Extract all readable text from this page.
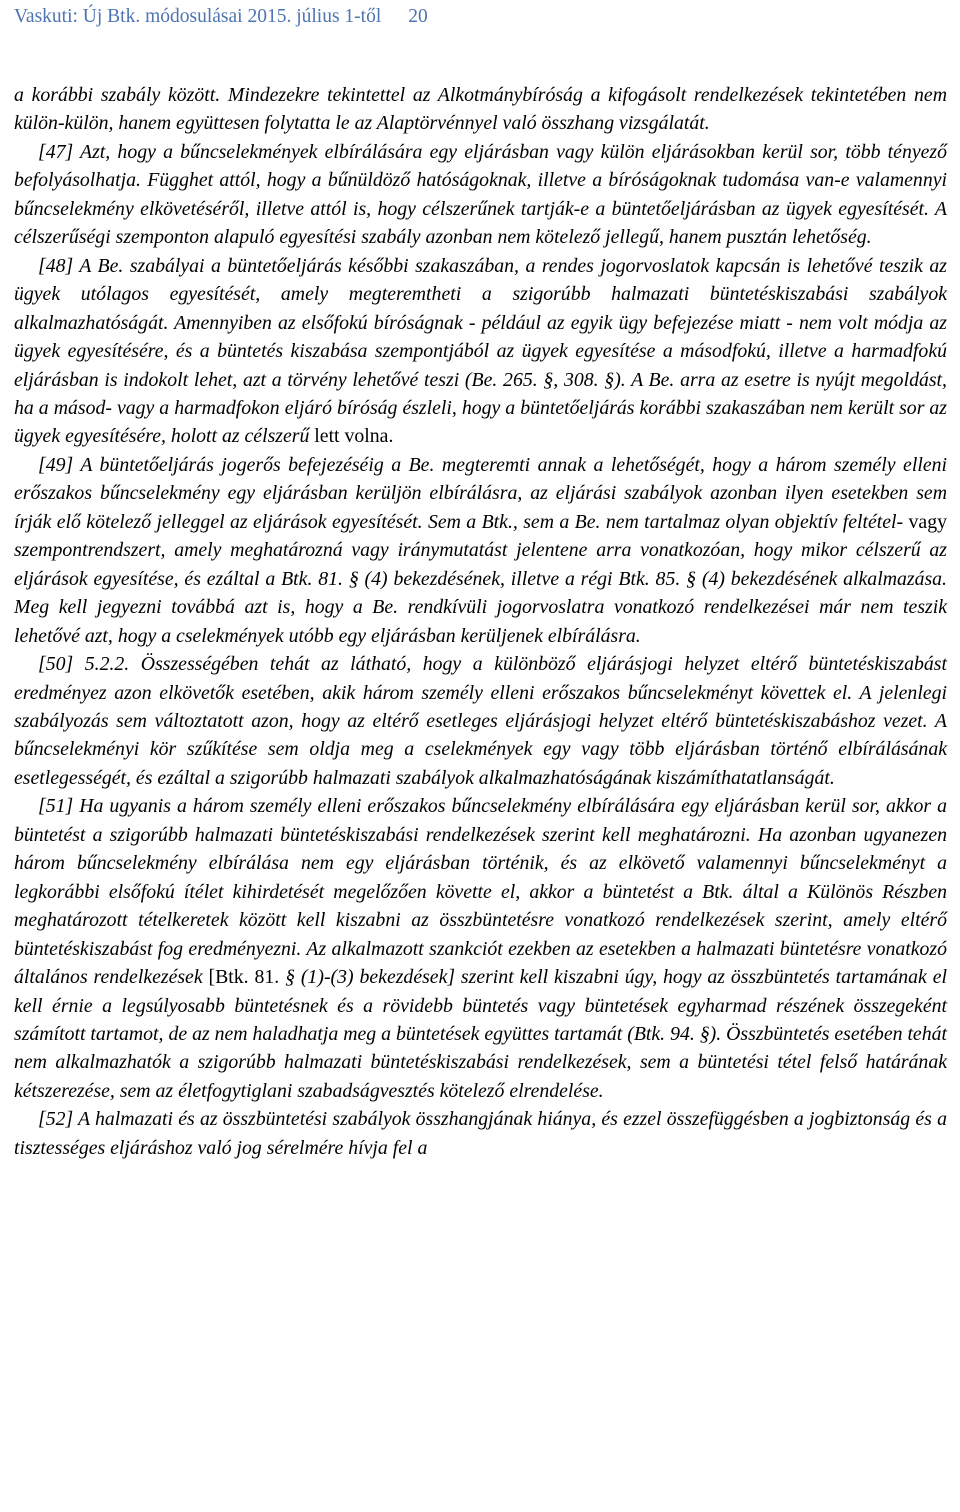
Vaskuti: Új Btk. módosulásai 2015. július 1-től 20

a korábbi szabály között. Mindezekre tekintettel az Alkotmánybíróság a kifogásolt rendelkezések tekintetében nem külön-külön, hanem együttesen folytatta le az Alaptörvénnyel való összhang vizsgálatát.

[47] Azt, hogy a bűncselekmények elbírálására egy eljárásban vagy külön eljárásokban kerül sor, több tényező befolyásolhatja. Függhet attól, hogy a bűnüldöző hatóságoknak, illetve a bíróságoknak tudomása van-e valamennyi bűncselekmény elkövetéséről, illetve attól is, hogy célszerűnek tartják-e a büntetőeljárásban az ügyek egyesítését. A célszerűségi szemponton alapuló egyesítési szabály azonban nem kötelező jellegű, hanem pusztán lehetőség.

[48] A Be. szabályai a büntetőeljárás későbbi szakaszában, a rendes jogorvoslatok kapcsán is lehetővé teszik az ügyek utólagos egyesítését, amely megteremtheti a szigorúbb halmazati büntetéskiszabási szabályok alkalmazhatóságát. Amennyiben az elsőfokú bíróságnak - például az egyik ügy befejezése miatt - nem volt módja az ügyek egyesítésére, és a büntetés kiszabása szempontjából az ügyek egyesítése a másodfokú, illetve a harmadfokú eljárásban is indokolt lehet, azt a törvény lehetővé teszi (Be. 265. §, 308. §). A Be. arra az esetre is nyújt megoldást, ha a másod- vagy a harmadfokon eljáró bíróság észleli, hogy a büntetőeljárás korábbi szakaszában nem került sor az ügyek egyesítésére, holott az célszerű lett volna.

[49] A büntetőeljárás jogerős befejezéséig a Be. megteremti annak a lehetőségét, hogy a három személy elleni erőszakos bűncselekmény egy eljárásban kerüljön elbírálásra, az eljárási szabályok azonban ilyen esetekben sem írják elő kötelező jelleggel az eljárások egyesítését. Sem a Btk., sem a Be. nem tartalmaz olyan objektív feltétel- vagy szempontrendszert, amely meghatározná vagy iránymutatást jelentene arra vonatkozóan, hogy mikor célszerű az eljárások egyesítése, és ezáltal a Btk. 81. § (4) bekezdésének, illetve a régi Btk. 85. § (4) bekezdésének alkalmazása. Meg kell jegyezni továbbá azt is, hogy a Be. rendkívüli jogorvoslatra vonatkozó rendelkezései már nem teszik lehetővé azt, hogy a cselekmények utóbb egy eljárásban kerüljenek elbírálásra.

[50] 5.2.2. Összességében tehát az látható, hogy a különböző eljárásjogi helyzet eltérő büntetéskiszabást eredményez azon elkövetők esetében, akik három személy elleni erőszakos bűncselekményt követtek el. A jelenlegi szabályozás sem változtatott azon, hogy az eltérő esetleges eljárásjogi helyzet eltérő büntetéskiszabáshoz vezet. A bűncselekményi kör szűkítése sem oldja meg a cselekmények egy vagy több eljárásban történő elbírálásának esetlegességét, és ezáltal a szigorúbb halmazati szabályok alkalmazhatóságának kiszámíthatatlanságát.

[51] Ha ugyanis a három személy elleni erőszakos bűncselekmény elbírálására egy eljárásban kerül sor, akkor a büntetést a szigorúbb halmazati büntetéskiszabási rendelkezések szerint kell meghatározni. Ha azonban ugyanezen három bűncselekmény elbírálása nem egy eljárásban történik, és az elkövető valamennyi bűncselekményt a legkorábbi elsőfokú ítélet kihirdetését megelőzően követte el, akkor a büntetést a Btk. által a Különös Részben meghatározott tételkeretek között kell kiszabni az összbüntetésre vonatkozó rendelkezések szerint, amely eltérő büntetéskiszabást fog eredményezni. Az alkalmazott szankciót ezekben az esetekben a halmazati büntetésre vonatkozó általános rendelkezések [Btk. 81. § (1)-(3) bekezdések] szerint kell kiszabni úgy, hogy az összbüntetés tartamának el kell érnie a legsúlyosabb büntetésnek és a rövidebb büntetés vagy büntetések egyharmad részének összegeként számított tartamot, de az nem haladhatja meg a büntetések együttes tartamát (Btk. 94. §). Összbüntetés esetében tehát nem alkalmazhatók a szigorúbb halmazati büntetéskiszabási rendelkezések, sem a büntetési tétel felső határának kétszerezése, sem az életfogytiglani szabadságvesztés kötelező elrendelése.

[52] A halmazati és az összbüntetési szabályok összhangjának hiánya, és ezzel összefüggésben a jogbiztonság és a tisztességes eljáráshoz való jog sérelmére hívja fel a
